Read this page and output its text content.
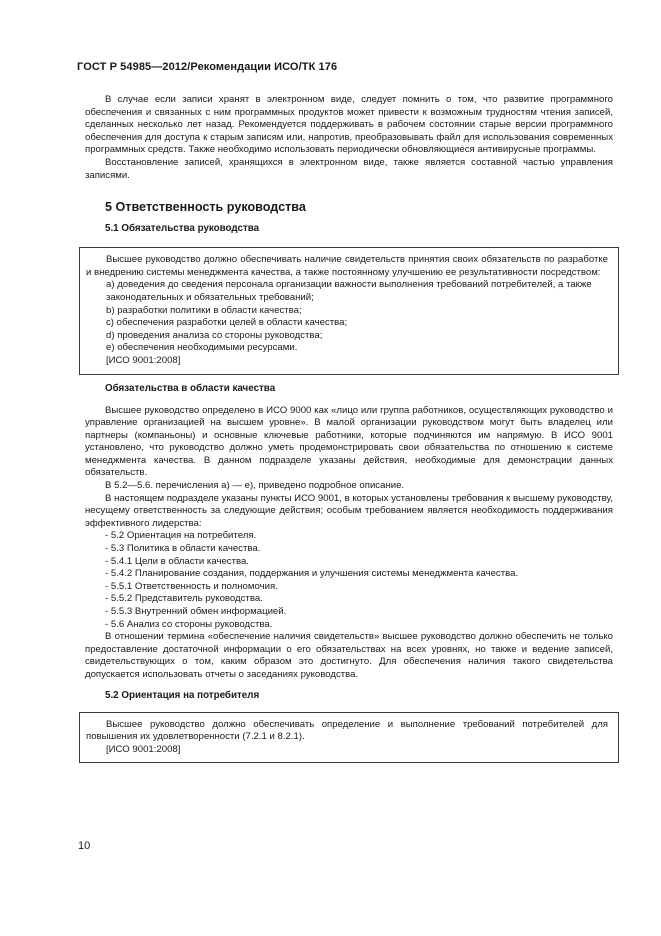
ГОСТ Р 54985—2012/Рекомендации ИСО/ТК 176

В случае если записи хранят в электронном виде, следует помнить о том, что развитие программного обеспечения и связанных с ним программных продуктов может привести к возможным трудностям чтения записей, сделанных несколько лет назад. Рекомендуется поддерживать в рабочем состоянии старые версии программного обеспечения для доступа к старым записям или, напротив, преобразовывать файл для использования современных программных средств. Также необходимо использовать периодически обновляющиеся антивирусные программы.

Восстановление записей, хранящихся в электронном виде, также является составной частью управления записями.

5 Ответственность руководства
5.1 Обязательства руководства

Высшее руководство должно обеспечивать наличие свидетельств принятия своих обязательств по разработке и внедрению системы менеджмента качества, а также постоянному улучшению ее результативности посредством:

a) доведения до сведения персонала организации важности выполнения требований потребителей, а также законодательных и обязательных требований;

b) разработки политики в области качества;

c) обеспечения разработки целей в области качества;

d) проведения анализа со стороны руководства;

e) обеспечения необходимыми ресурсами.

[ИСО 9001:2008]

Обязательства в области качества

Высшее руководство определено в ИСО 9000 как «лицо или группа работников, осуществляющих руководство и управление организацией на высшем уровне». В малой организации руководством могут быть владелец или партнеры (компаньоны) и основные ключевые работники, которые подчиняются им напрямую. В ИСО 9001 установлено, что руководство должно уметь продемонстрировать свои обязательства по отношению к системе менеджмента качества. В данном подразделе указаны действия, необходимые для демонстрации данных обязательств.

В 5.2—5.6. перечисления а) — е), приведено подробное описание.

В настоящем подразделе указаны пункты ИСО 9001, в которых установлены требования к высшему руководству, несущему ответственность за следующие действия; особым требованием является необходимость поддерживания эффективного лидерства:

- 5.2 Ориентация на потребителя.

- 5.3 Политика в области качества.

- 5.4.1 Цели в области качества.

- 5.4.2 Планирование создания, поддержания и улучшения системы менеджмента качества.

- 5.5.1 Ответственность и полномочия.

- 5.5.2 Представитель руководства.

- 5.5.3 Внутренний обмен информацией.

- 5.6 Анализ со стороны руководства.

В отношении термина «обеспечение наличия свидетельств» высшее руководство должно обеспечить не только предоставление достаточной информации о его обязательствах на всех уровнях, но также и ведение записей, свидетельствующих о том, каким образом это достигнуто. Для обеспечения наличия такого свидетельства допускается использовать отчеты о заседаниях руководства.

5.2 Ориентация на потребителя

Высшее руководство должно обеспечивать определение и выполнение требований потребителей для повышения их удовлетворенности (7.2.1 и 8.2.1).

[ИСО 9001:2008]

10
